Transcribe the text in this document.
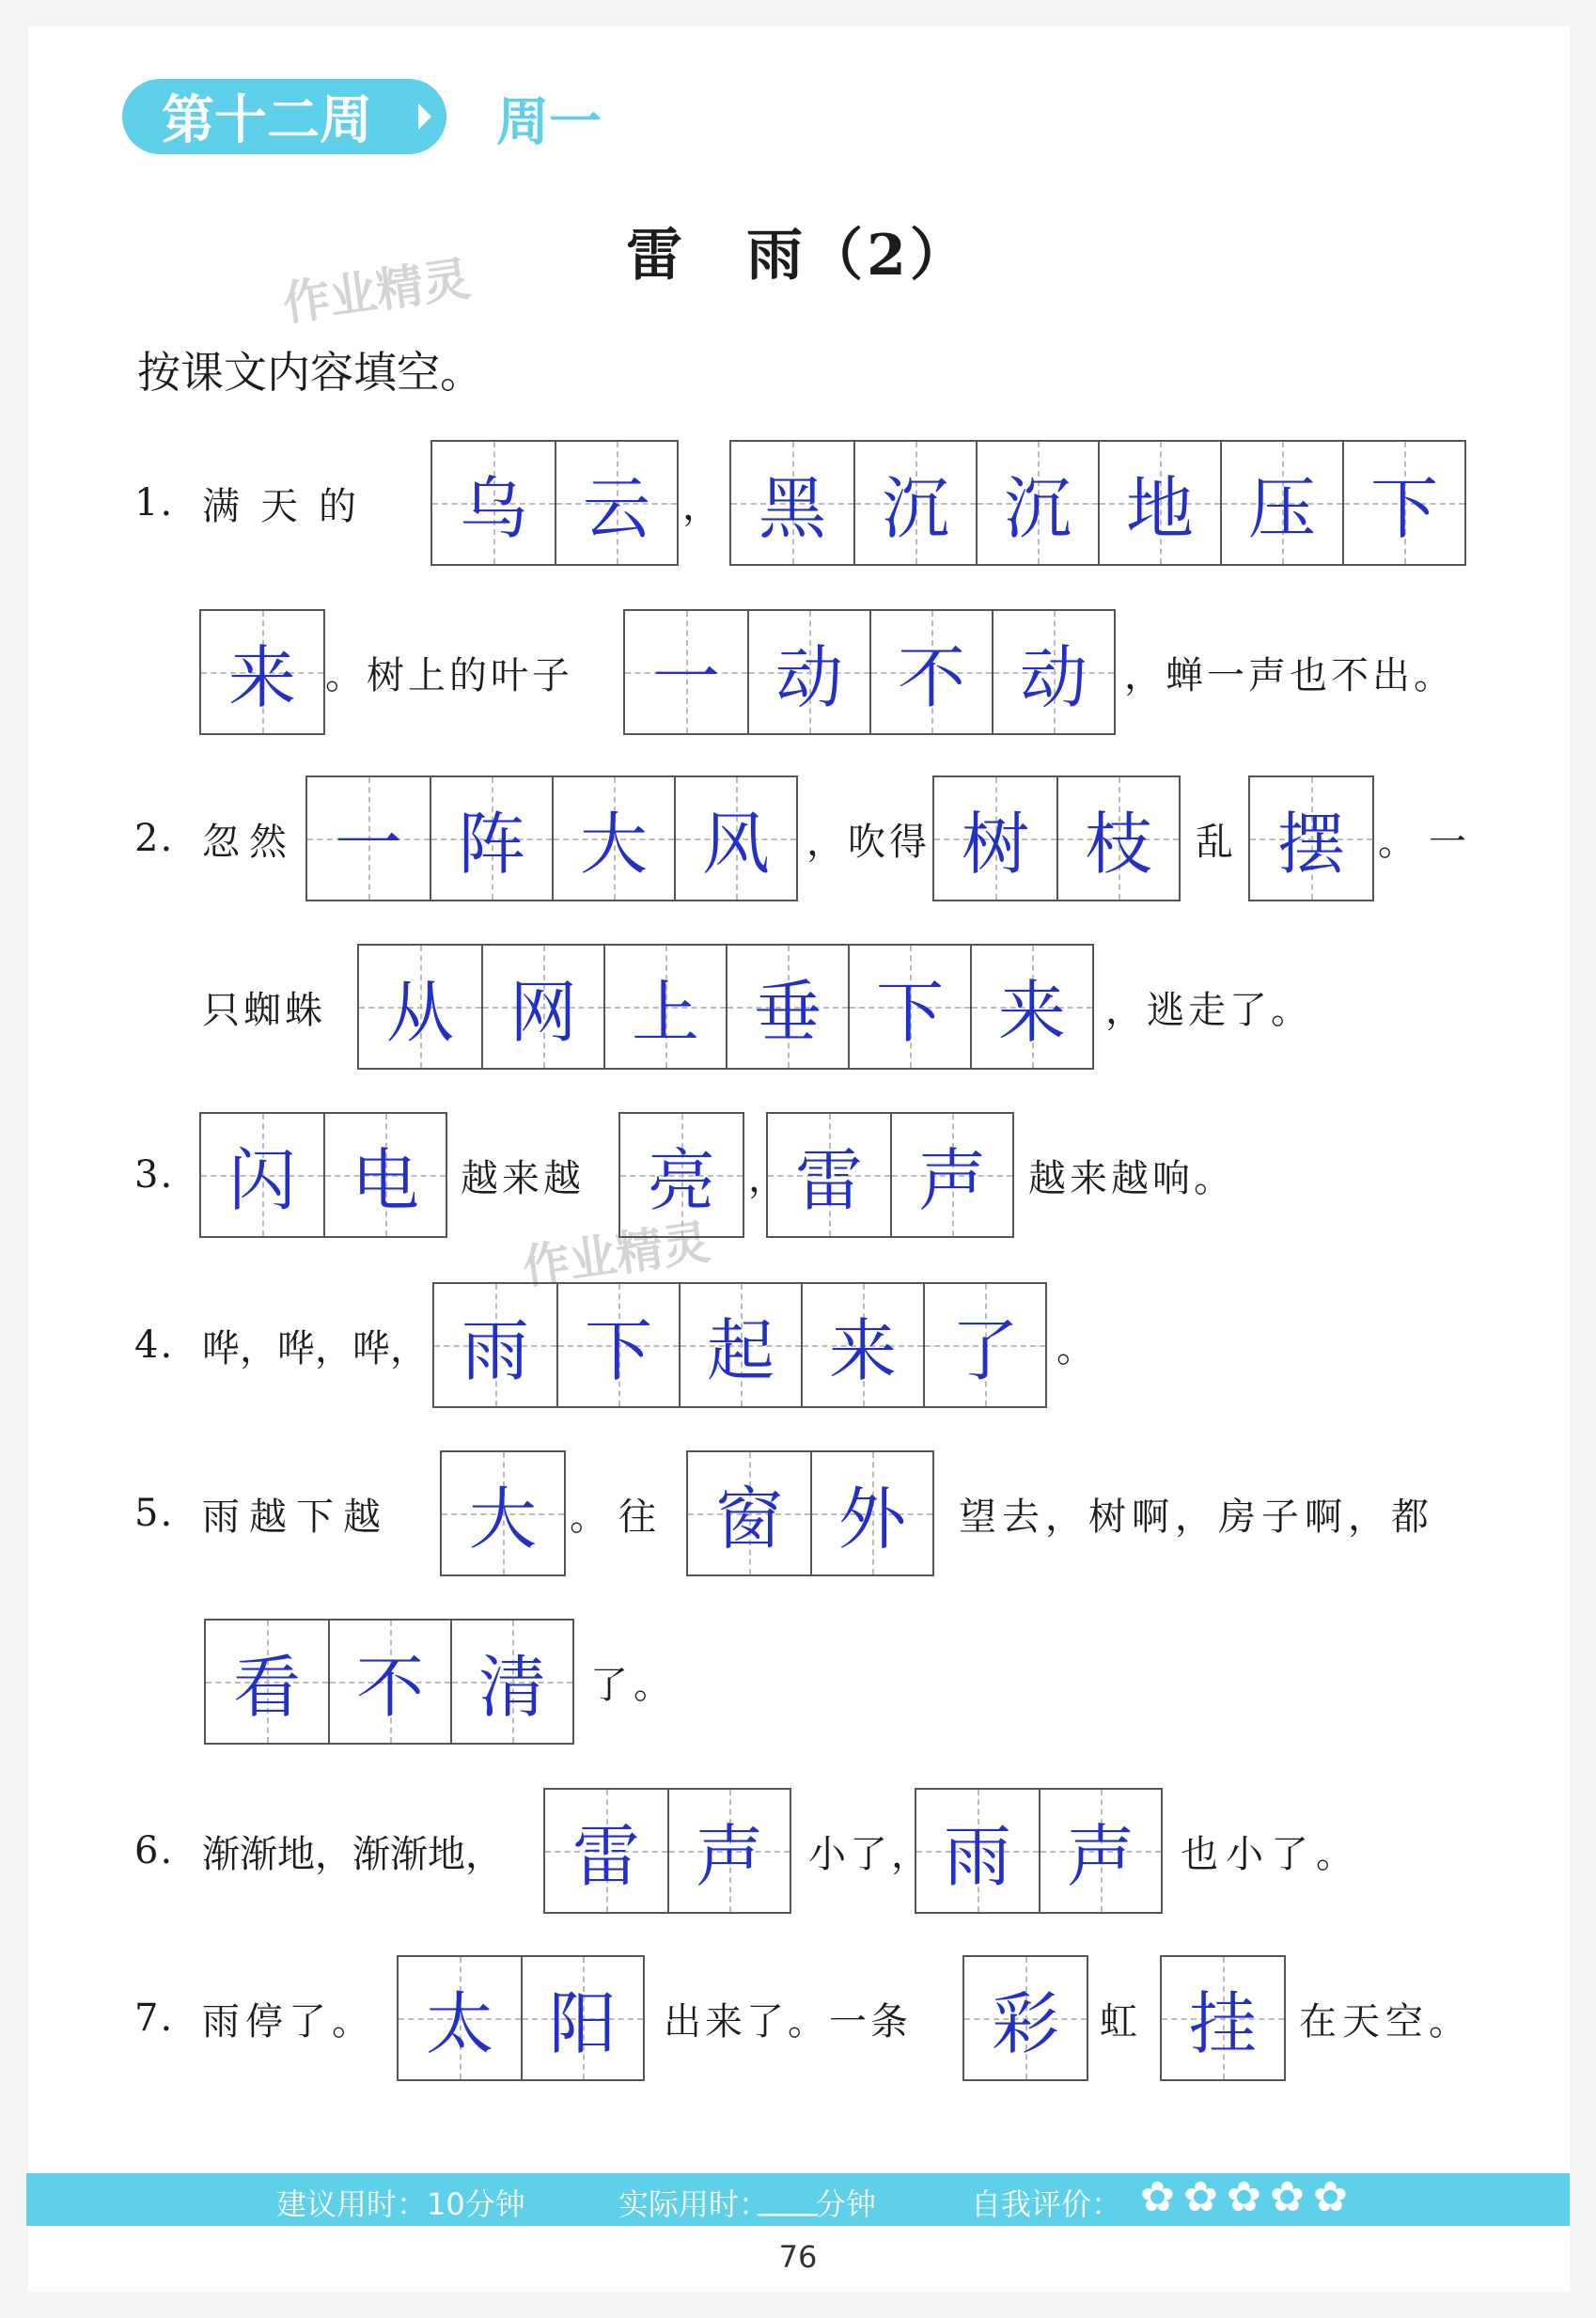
第十二周 周一
雷　雨（2）
作业精灵
作业精灵
按课文内容填空。
1. 满天的 乌 云 ， 黑 沉 沉 地 压 下
来 。树上的叶子 一 动 不 动 ，蝉一声也不出。
2. 忽然 一 阵 大 风 ，吹得 树 枝 乱 摆 。一
只蜘蛛 从 网 上 垂 下 来 ，逃走了。
3. 闪 电 越来越 亮 ， 雷 声 越来越响。
4. 哗，哗，哗， 雨 下 起 来 了 。
5. 雨越下越 大 。往 窗 外 望去，树啊，房子啊，都
看 不 清 了。
6. 渐渐地，渐渐地， 雷 声 小了， 雨 声 也小了。
7. 雨停了。 太 阳 出来了。一条 彩 虹 挂 在天空。
建议用时：10分钟	实际用时：
____
分钟	自我评价：
✿
✿
✿
✿
✿
76
